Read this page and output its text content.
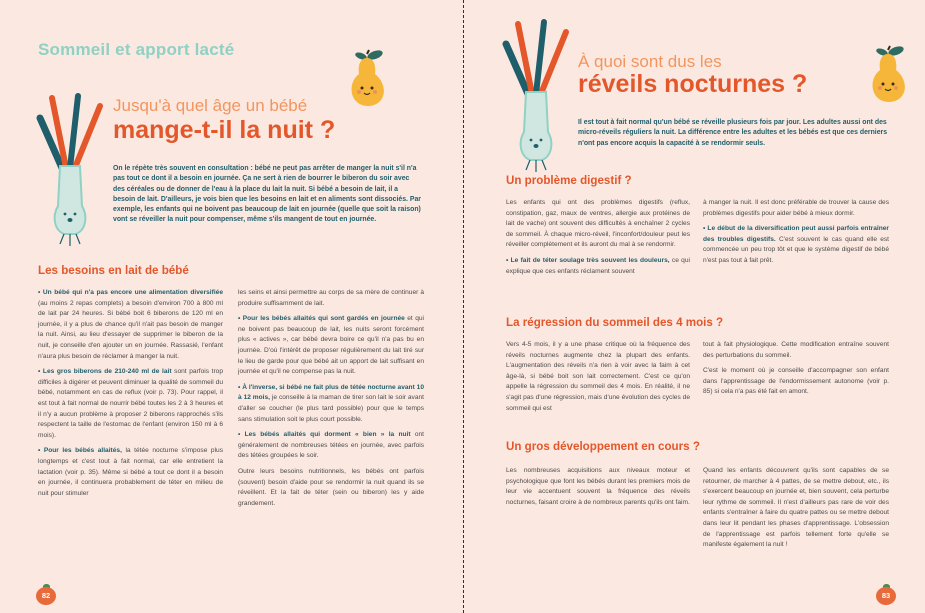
Sommeil et apport lacté
Jusqu'à quel âge un bébé
mange-t-il la nuit ?
On le répète très souvent en consultation : bébé ne peut pas arrêter de manger la nuit s'il n'a pas tout ce dont il a besoin en journée. Ça ne sert à rien de bourrer le biberon du soir avec des céréales ou de donner de l'eau à la place du lait la nuit. Si bébé a besoin de lait, il a besoin de lait. D'ailleurs, je vois bien que les besoins en lait et en aliments sont dissociés. Par exemple, les enfants qui ne boivent pas beaucoup de lait en journée (quelle que soit la raison) vont se réveiller la nuit pour compenser, même s'ils mangent de tout en journée.
Les besoins en lait de bébé

• Un bébé qui n'a pas encore une alimentation diversifiée (au moins 2 repas complets) a besoin d'environ 700 à 800 ml de lait par 24 heures. Si bébé boit 6 biberons de 120 ml en journée, il y a plus de chance qu'il n'ait pas besoin de manger la nuit. Ainsi, au lieu d'essayer de supprimer le biberon de la nuit, je conseille d'en ajouter un en journée. Rassasié, l'enfant n'aura plus besoin de réclamer à manger la nuit.

• Les gros biberons de 210-240 ml de lait sont parfois trop difficiles à digérer et peuvent diminuer la qualité de sommeil du bébé, notamment en cas de reflux (voir p. 73). Pour rappel, il est tout à fait normal de nourrir bébé toutes les 2 à 3 heures et il n'y a aucun problème à proposer 2 biberons rapprochés s'ils respectent la taille de l'estomac de l'enfant (environ 150 ml à 6 mois).

• Pour les bébés allaités, la tétée nocturne s'impose plus longtemps et c'est tout à fait normal, car elle entretient la lactation (voir p. 35). Même si bébé a tout ce dont il a besoin en journée, il continuera probablement de téter en milieu de nuit pour stimuler

les seins et ainsi permettre au corps de sa mère de continuer à produire suffisamment de lait.

• Pour les bébés allaités qui sont gardés en journée et qui ne boivent pas beaucoup de lait, les nuits seront forcément plus « actives », car bébé devra boire ce qu'il n'a pas bu en journée. D'où l'intérêt de proposer régulièrement du lait tiré sur le lieu de garde pour que bébé ait un apport de lait suffisant en journée et qu'il ne compense pas la nuit.

• À l'inverse, si bébé ne fait plus de tétée nocturne avant 10 à 12 mois, je conseille à la maman de tirer son lait le soir avant d'aller se coucher (le plus tard possible) pour que le temps sans stimulation soit le plus court possible.

• Les bébés allaités qui dorment « bien » la nuit ont généralement de nombreuses tétées en journée, avec parfois des tétées groupées le soir.

Outre leurs besoins nutritionnels, les bébés ont parfois (souvent) besoin d'aide pour se rendormir la nuit quand ils se réveillent. Et la fait de téter (sein ou biberon) les y aide grandement.

82
À quoi sont dus les
réveils nocturnes ?
Il est tout à fait normal qu'un bébé se réveille plusieurs fois par jour. Les adultes aussi ont des micro-réveils réguliers la nuit. La différence entre les adultes et les bébés est que ces derniers n'ont pas encore acquis la capacité à se rendormir seuls.
Un problème digestif ?

Les enfants qui ont des problèmes digestifs (reflux, constipation, gaz, maux de ventres, allergie aux protéines de lait de vache) ont souvent des difficultés à enchaîner 2 cycles de sommeil. À chaque micro-réveil, l'inconfort/douleur peut les réveiller complètement et ils auront du mal à se rendormir.

• Le fait de téter soulage très souvent les douleurs, ce qui explique que ces enfants réclament souvent

à manger la nuit. Il est donc préférable de trouver la cause des problèmes digestifs pour aider bébé à mieux dormir.

• Le début de la diversification peut aussi parfois entraîner des troubles digestifs. C'est souvent le cas quand elle est commencée un peu trop tôt et que le système digestif de bébé n'est pas tout à fait prêt.

La régression du sommeil des 4 mois ?

Vers 4-5 mois, il y a une phase critique où la fréquence des réveils nocturnes augmente chez la plupart des enfants. L'augmentation des réveils n'a rien à voir avec la faim à cet âge-là, si bébé boit son lait correctement. C'est ce qu'on appelle la régression du sommeil des 4 mois. En réalité, il ne s'agit pas d'une régression, mais d'une évolution des cycles de sommeil qui est

tout à fait physiologique. Cette modification entraîne souvent des perturbations du sommeil.

C'est le moment où je conseille d'accompagner son enfant dans l'apprentissage de l'endormissement autonome (voir p. 85) si cela n'a pas été fait en amont.

Un gros développement en cours ?

Les nombreuses acquisitions aux niveaux moteur et psychologique que font les bébés durant les premiers mois de leur vie accentuent souvent la fréquence des réveils nocturnes, faisant croire à de nombreux parents qu'ils ont faim.

Quand les enfants découvrent qu'ils sont capables de se retourner, de marcher à 4 pattes, de se mettre debout, etc., ils s'exercent beaucoup en journée et, bien souvent, cela perturbe leur rythme de sommeil. Il n'est d'ailleurs pas rare de voir des enfants s'entraîner à faire du quatre pattes ou se mettre debout dans leur lit pendant les phases d'apprentissage. L'obsession de l'apprentissage est parfois tellement forte qu'elle se manifeste également la nuit !

83
